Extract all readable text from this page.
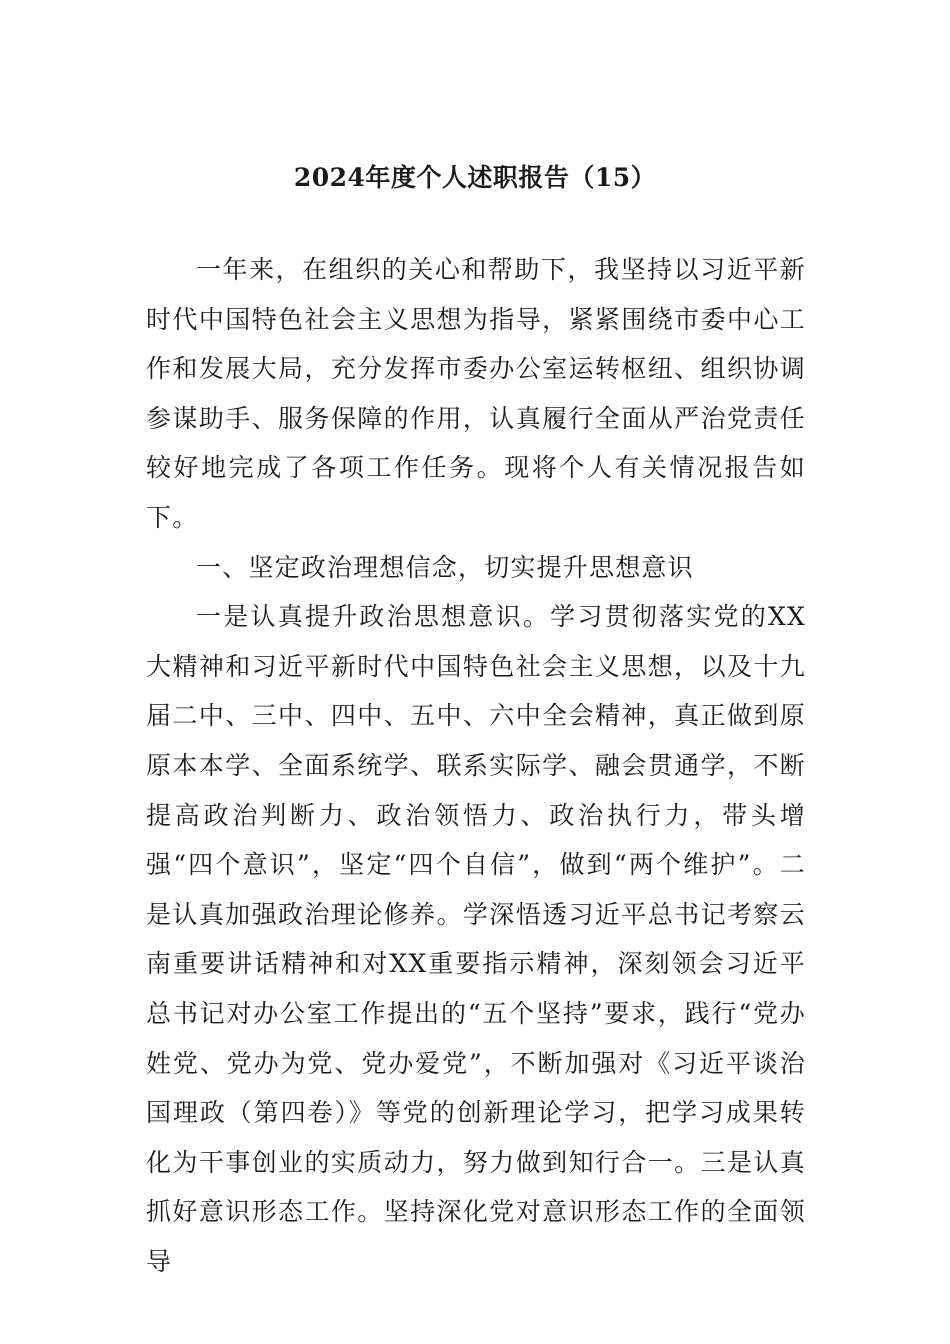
2024年度个人述职报告（15）

一年来，在组织的关心和帮助下，我坚持以习近平新时代中国特色社会主义思想为指导，紧紧围绕市委中心工作和发展大局，充分发挥市委办公室运转枢纽、组织协调参谋助手、服务保障的作用，认真履行全面从严治党责任较好地完成了各项工作任务。现将个人有关情况报告如下。

一、坚定政治理想信念，切实提升思想意识

一是认真提升政治思想意识。学习贯彻落实党的XX大精神和习近平新时代中国特色社会主义思想，以及十九届二中、三中、四中、五中、六中全会精神，真正做到原原本本学、全面系统学、联系实际学、融会贯通学，不断提高政治判断力、政治领悟力、政治执行力，带头增强“四个意识”，坚定“四个自信”，做到“两个维护”。二是认真加强政治理论修养。学深悟透习近平总书记考察云南重要讲话精神和对XX重要指示精神，深刻领会习近平总书记对办公室工作提出的“五个坚持”要求，践行“党办姓党、党办为党、党办爱党”，不断加强对《习近平谈治国理政（第四卷）》等党的创新理论学习，把学习成果转化为干事创业的实质动力，努力做到知行合一。三是认真抓好意识形态工作。坚持深化党对意识形态工作的全面领导
